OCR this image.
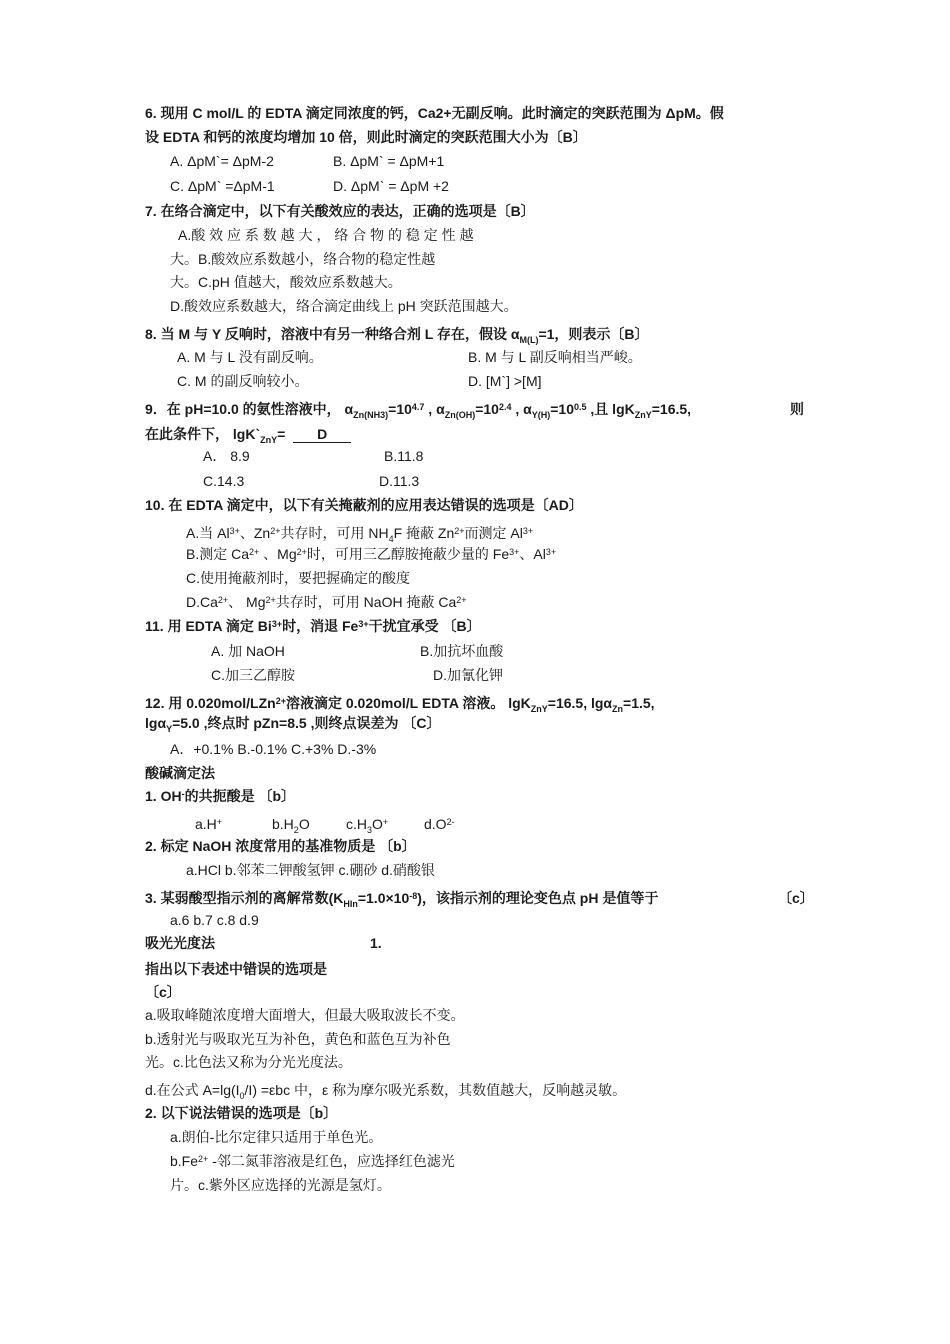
6. 现用 C mol/L 的 EDTA 滴定同浓度的钙，Ca2+无副反响。此时滴定的突跃范围为 ΔpM。假
设 EDTA 和钙的浓度均增加 10 倍，则此时滴定的突跃范围大小为〔B〕
A. ΔpM`= ΔpM-2	B. ΔpM` = ΔpM+1
C. ΔpM` =ΔpM-1	D. ΔpM` = ΔpM +2
7. 在络合滴定中，以下有关酸效应的表达，正确的选项是〔B〕
A.酸 效 应 系 数 越 大 ， 络 合 物 的 稳 定 性 越
大。B.酸效应系数越小，络合物的稳定性越
大。C.pH 值越大，酸效应系数越大。
D.酸效应系数越大，络合滴定曲线上 pH 突跃范围越大。
8. 当 M 与 Y 反响时，溶液中有另一种络合剂 L 存在，假设 $\alpha_{M(L)}=1$，则表示〔B〕
A. M 与 L 没有副反响。	B. M 与 L 副反响相当严峻。
C. M 的副反响较小。	D. [M`] >[M]
9．在 pH=10.0 的氨性溶液中， $\alpha_{Zn(NH3)}=10^{4.7}$ , $\alpha_{Zn(OH)}=10^{2.4}$ , $\alpha_{Y(H)}=10^{0.5}$ ,且 lgK$_{ZnY}$=16.5,	则
在此条件下， $\lg K`_{ZnY}= D$
A． 8.9	B.11.8
C.14.3	D.11.3
10. 在 EDTA 滴定中，以下有关掩蔽剂的应用表达错误的选项是〔AD〕
A.当 $Al^{3+}$、$Zn^{2+}$共存时，可用 $NH_4F$ 掩蔽 $Zn^{2+}$而测定 $Al^{3+}$
B.测定 $Ca^{2+}$ 、$Mg^{2+}$时，可用三乙醇胺掩蔽少量的 $Fe^{3+}$、$Al^{3+}$
C.使用掩蔽剂时，要把握确定的酸度
$D.Ca^{2+}$、 $Mg^{2+}$共存时，可用 NaOH 掩蔽 $Ca^{2+}$
11. 用 EDTA 滴定 $Bi^{3+}$时，消退 $Fe^{3+}$干扰宜承受 〔B〕
A. 加 NaOH	B.加抗坏血酸
C.加三乙醇胺	D.加氰化钾
12. 用 0.020mol/LZn$^{2+}$溶液滴定 0.020mol/L EDTA 溶液。 lgK$_{ZnY}$=16.5, lgα$_{Zn}$=1.5,
lgα$_Y$=5.0 ,终点时 pZn=8.5 ,则终点误差为 〔C〕
A．+0.1% B.-0.1% C.+3% D.-3%
酸碱滴定法
1. OH-的共扼酸是 〔b〕
a.H+	$b.H_2O$	$c.H_3O^+$	$d.O^{2-}$
2. 标定 NaOH 浓度常用的基准物质是 〔b〕
a.HCl b.邻苯二钾酸氢钾 c.硼砂 d.硝酸银
3. 某弱酸型指示剂的离解常数$(K_{HIn}=1.0\times 10^{-8})$，该指示剂的理论变色点 pH 是值等于	〔c〕
a.6 b.7 c.8 d.9
吸光光度法	1.
指出以下表述中错误的选项是
〔c〕
a.吸取峰随浓度增大面增大，但最大吸取波长不变。
b.透射光与吸取光互为补色，黄色和蓝色互为补色
光。c.比色法又称为分光光度法。
d.在公式 $A=\lg(I_0/I) =\varepsilon bc$ 中，ε 称为摩尔吸光系数，其数值越大，反响越灵敏。
2. 以下说法错误的选项是〔b〕
a.朗伯-比尔定律只适用于单色光。
$b.Fe^{2+}$ -邻二氮菲溶液是红色，应选择红色滤光
片。c.紫外区应选择的光源是氢灯。
